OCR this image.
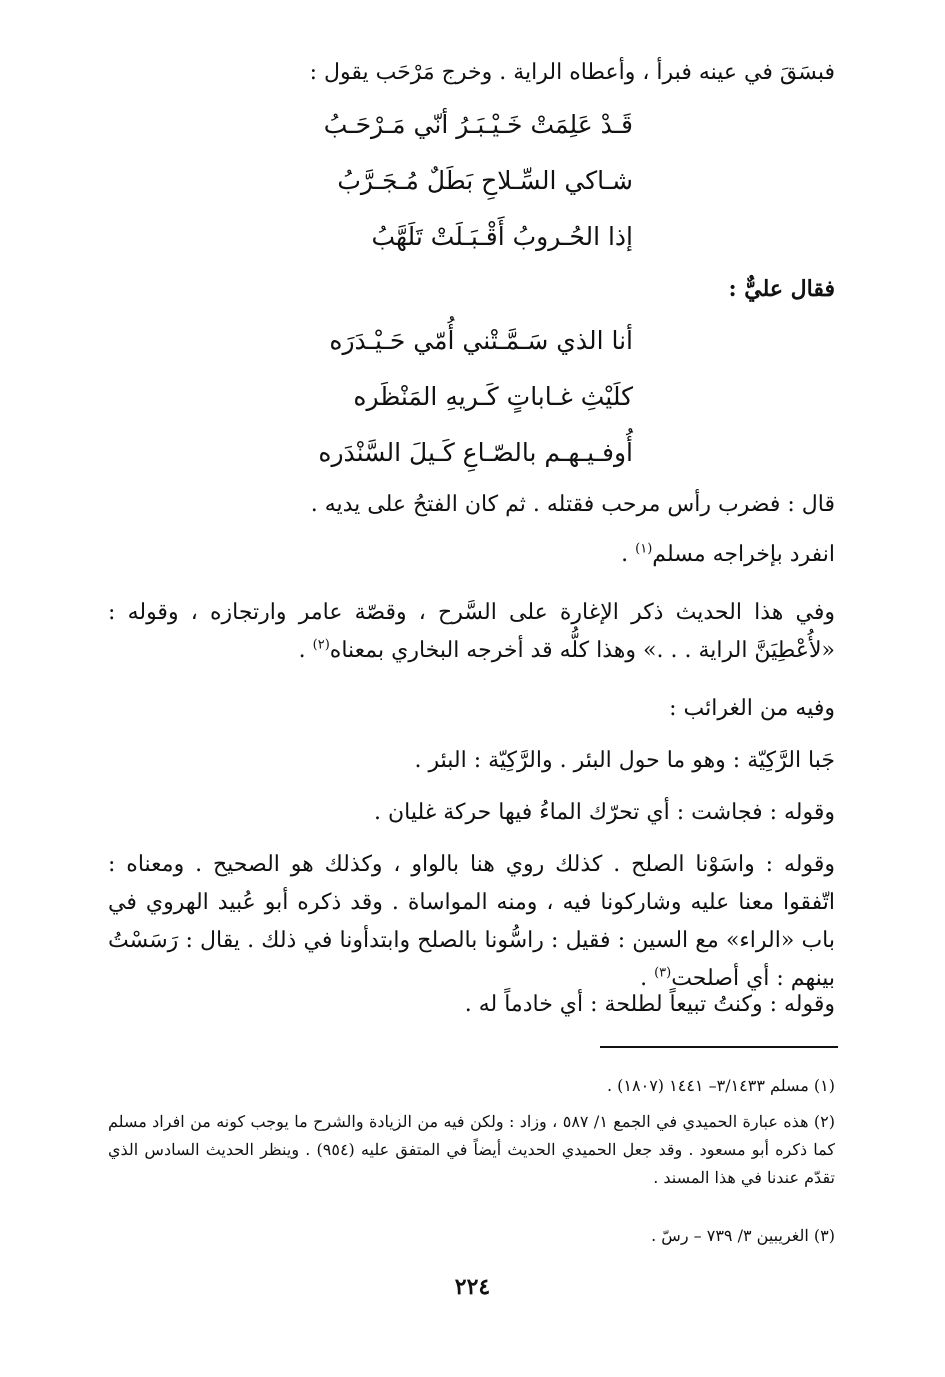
فبسَقَ في عينه فبرأ ، وأعطاه الراية . وخرج مَرْحَب يقول :
قَـدْ عَلِمَتْ خَـيْـبَـرُ أنّي مَـرْحَـبُ
شـاكي السِّـلاحِ بَطَلٌ مُـجَـرَّبُ
إذا الحُـروبُ أَقْـبَـلَتْ تَلَهَّبُ
فقال عليٌّ :
أنا الذي سَـمَّـتْني أُمّي حَـيْـدَرَه
كلَيْثِ غـاباتٍ كَـريهِ المَنْظَره
أُوفـيـهـم بالصّـاعِ كَـيلَ السَّنْدَره
قال : فضرب رأس مرحب فقتله . ثم كان الفتحُ على يديه .
انفرد بإخراجه مسلم$^{(١)}$ .
وفي هذا الحديث ذكر الإغارة على السَّرح ، وقصّة عامر وارتجازه ، وقوله : «لأُعْطِيَنَّ الراية . . .» وهذا كلُّه قد أخرجه البخاري بمعناه$^{(٢)}$ .
وفيه من الغرائب :
جَبا الرَّكِيّة : وهو ما حول البئر . والرَّكِيّة : البئر .
وقوله : فجاشت : أي تحرّك الماءُ فيها حركة غليان .
وقوله : واسَوْنا الصلح . كذلك روي هنا بالواو ، وكذلك هو الصحيح . ومعناه : اتّفقوا معنا عليه وشاركونا فيه ، ومنه المواساة . وقد ذكره أبو عُبيد الهروي في باب «الراء» مع السين : فقيل : راسُّونا بالصلح وابتدأونا في ذلك . يقال : رَسَسْتُ بينهم : أي أصلحت$^{(٣)}$ .
وقوله : وكنتُ تبيعاً لطلحة : أي خادماً له .
(١) مسلم ٣/١٤٣٣– ١٤٤١ (١٨٠٧) .
(٢) هذه عبارة الحميدي في الجمع ١/ ٥٨٧ ، وزاد : ولكن فيه من الزيادة والشرح ما يوجب كونه من افراد مسلم كما ذكره أبو مسعود . وقد جعل الحميدي الحديث أيضاً في المتفق عليه (٩٥٤) . وينظر الحديث السادس الذي تقدّم عندنا في هذا المسند .
(٣) الغريبين ٣/ ٧٣٩ – رسّ .
٢٢٤
